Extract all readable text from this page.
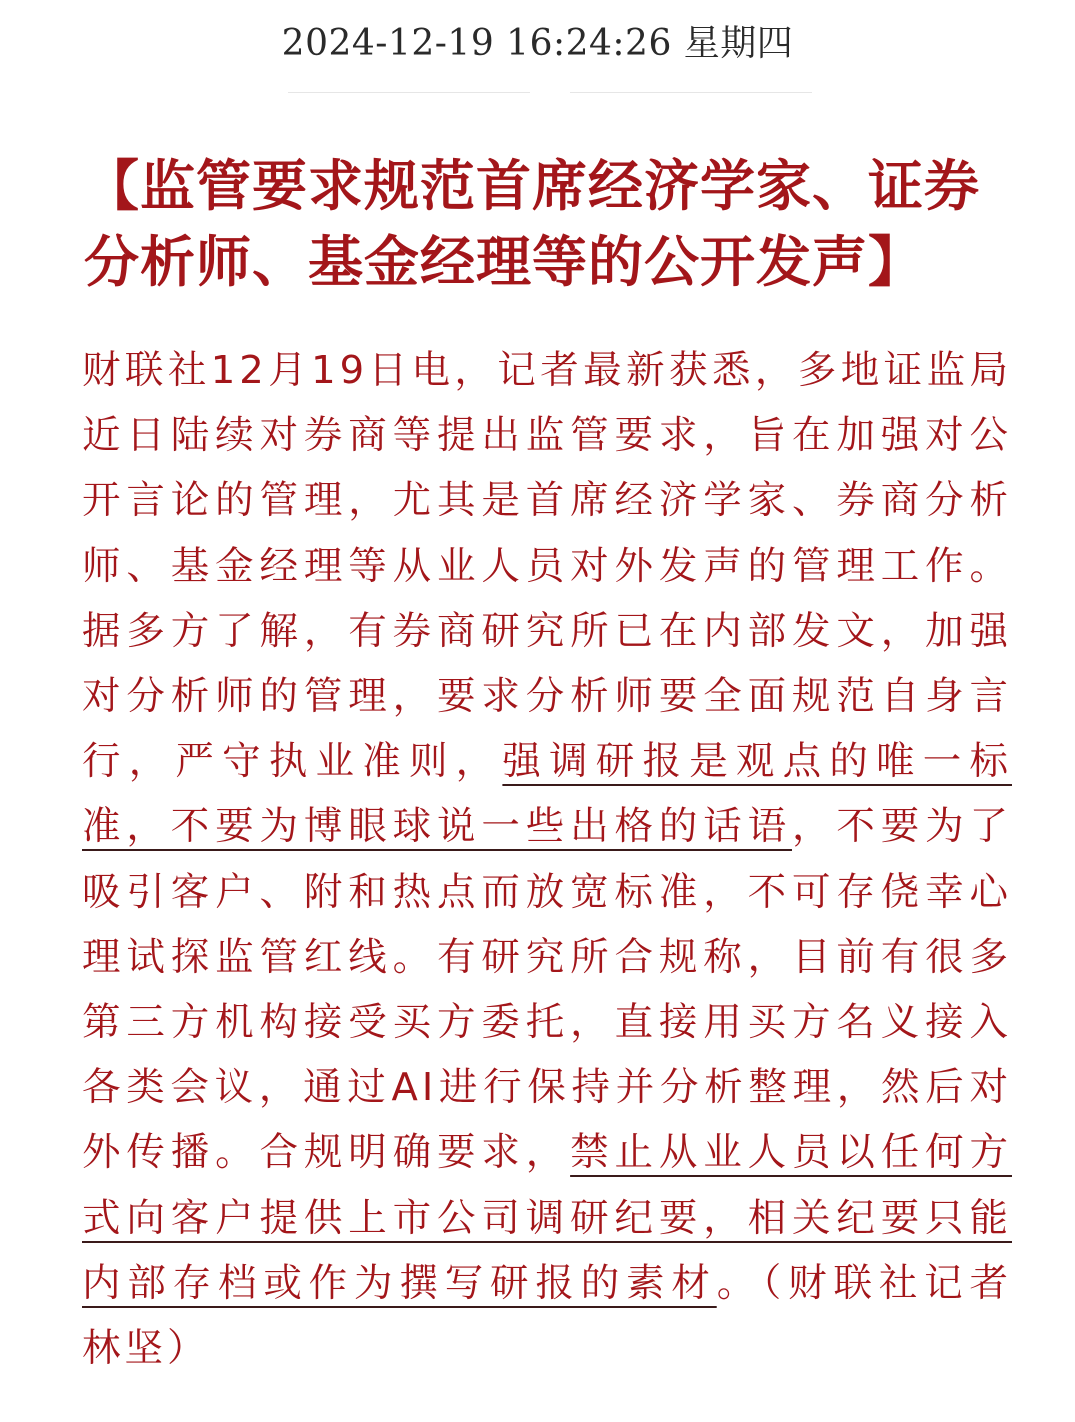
2024-12-19 16:24:26 星期四
【监管要求规范首席经济学家、证券分析师、基金经理等的公开发声】
财联社12月19日电，记者最新获悉，多地证监局近日陆续对券商等提出监管要求，旨在加强对公开言论的管理，尤其是首席经济学家、券商分析师、基金经理等从业人员对外发声的管理工作。据多方了解，有券商研究所已在内部发文，加强对分析师的管理，要求分析师要全面规范自身言行，严守执业准则，强调研报是观点的唯一标准，不要为博眼球说一些出格的话语，不要为了吸引客户、附和热点而放宽标准，不可存侥幸心理试探监管红线。有研究所合规称，目前有很多第三方机构接受买方委托，直接用买方名义接入各类会议，通过AI进行保持并分析整理，然后对外传播。合规明确要求，禁止从业人员以任何方式向客户提供上市公司调研纪要，相关纪要只能内部存档或作为撰写研报的素材。（财联社记者 林坚）
